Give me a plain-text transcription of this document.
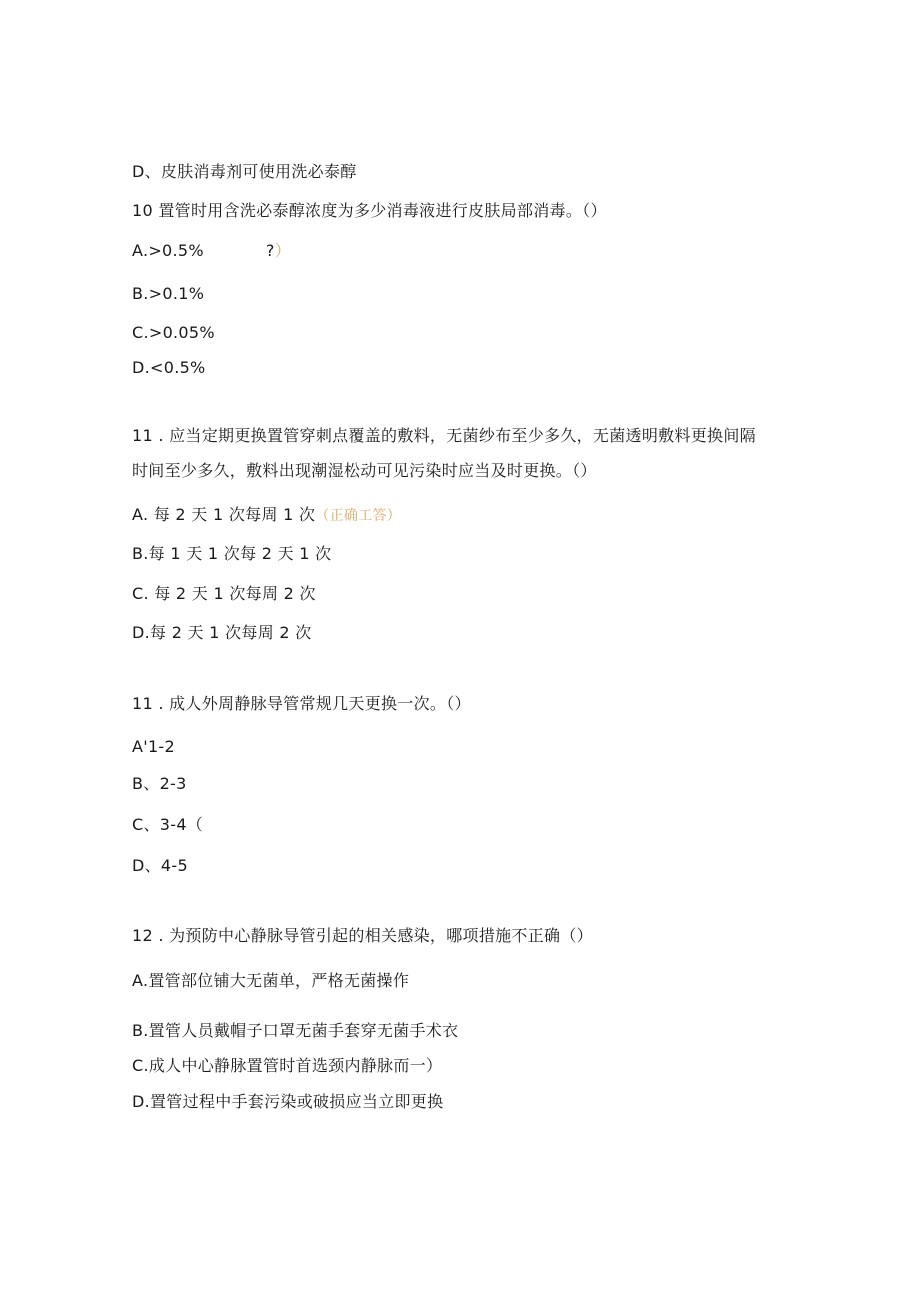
D、皮肤消毒剂可使用洗必泰醇
10 置管时用含洗必泰醇浓度为多少消毒液进行皮肤局部消毒。（）
A.>0.5%	?）
B.>0.1%
C.>0.05%
D.<0.5%
11 . 应当定期更换置管穿刺点覆盖的敷料，无菌纱布至少多久，无菌透明敷料更换间隔
时间至少多久，敷料出现潮湿松动可见污染时应当及时更换。（）
A. 每 2 天 1 次每周 1 次（正确工答）
B.每 1 天 1 次每 2 天 1 次
C. 每 2 天 1 次每周 2 次
D.每 2 天 1 次每周 2 次
11 . 成人外周静脉导管常规几天更换一次。（）
A'1-2
B、2-3
C、3-4（
D、4-5
12 . 为预防中心静脉导管引起的相关感染，哪项措施不正确（）
A.置管部位铺大无菌单，严格无菌操作
B.置管人员戴帽子口罩无菌手套穿无菌手术衣
C.成人中心静脉置管时首选颈内静脉而一）
D.置管过程中手套污染或破损应当立即更换
